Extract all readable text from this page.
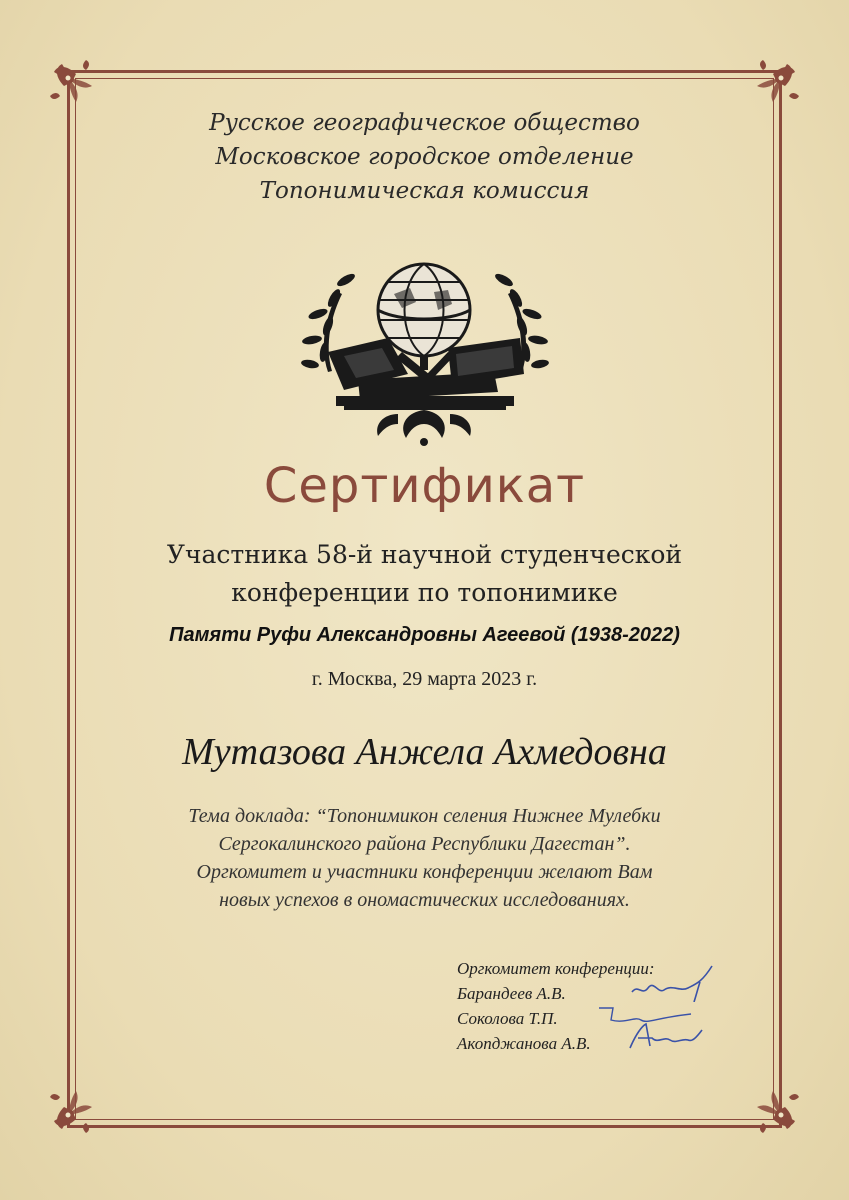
Русское географическое общество
Московское городское отделение
Топонимическая комиссия
Сертификат
Участника 58-й научной студенческой
конференции по топонимике
Памяти Руфи Александровны Агеевой (1938-2022)
г. Москва, 29 марта 2023 г.
Мутазова Анжела Ахмедовна
Тема доклада: “Топонимикон селения Нижнее Мулебки
Сергокалинского района Республики Дагестан”.
Оргкомитет и участники конференции желают Вам
новых успехов в ономастических исследованиях.
Оргкомитет конференции:
Барандеев А.В.
Соколова Т.П.
Акопджанова А.В.
